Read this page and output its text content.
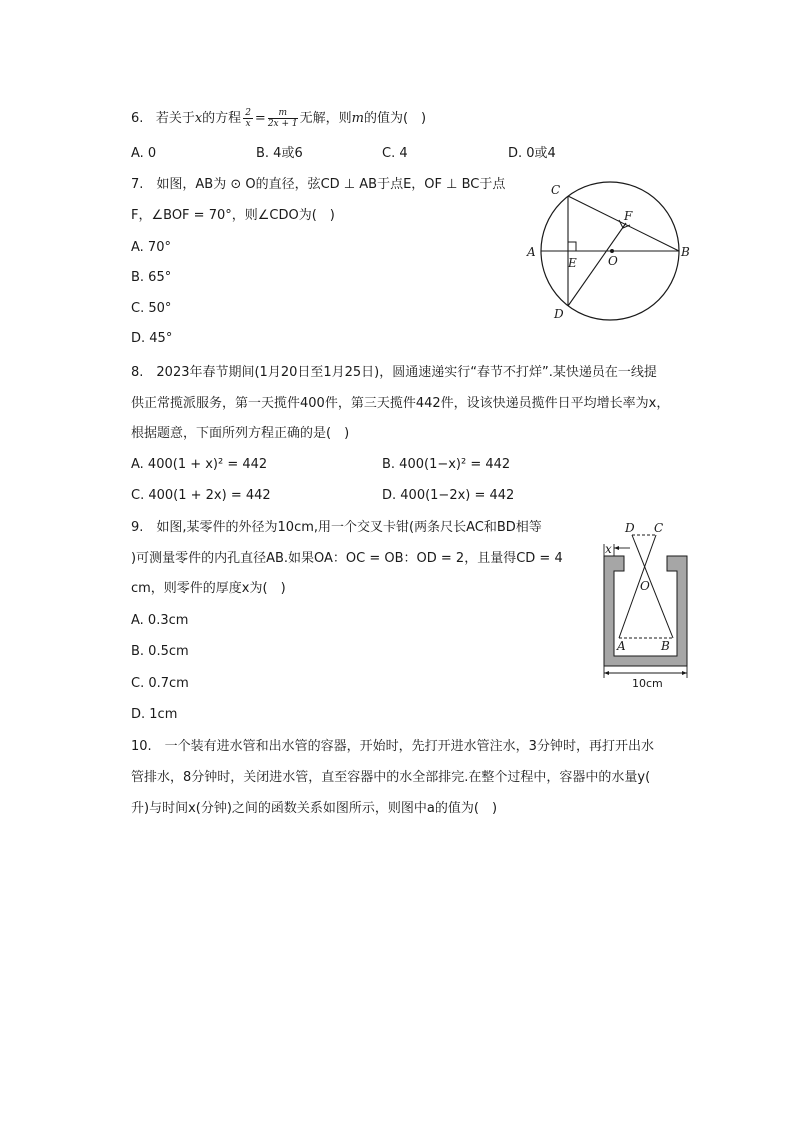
6. 若关于x的方程 $\frac{2}{x} = \frac{m}{2x + 1}$ 无解，则m的值为(　)
A. 0	B. 4或6	C. 4	D. 0或4
7.　如图，AB为 ⊙ O的直径，弦CD ⊥ AB于点E，OF ⊥ BC于点
F，∠BOF = 70°，则∠CDO为(　)
A. 70°
B. 65°
C. 50°
D. 45°
C
F
A
E	O
B
D
8.　2023年春节期间(1月20日至1月25日)，圆通速递实行“春节不打烊”.某快递员在一线提
供正常揽派服务，第一天揽件400件，第三天揽件442件，设该快递员揽件日平均增长率为x，
根据题意，下面所列方程正确的是(　)
A. 400(1 + x)² = 442	B. 400(1−x)² = 442
C. 400(1 + 2x) = 442	D. 400(1−2x) = 442
9.　如图,某零件的外径为10cm,用一个交叉卡钳(两条尺长AC和BD相等
)可测量零件的内孔直径AB.如果OA：OC = OB：OD = 2，且量得CD = 4
cm，则零件的厚度x为(　)
A. 0.3cm
B. 0.5cm
C. 0.7cm
D. 1cm
D C
x
O
A	B
10cm
10.　一个装有进水管和出水管的容器，开始时，先打开进水管注水，3分钟时，再打开出水
管排水，8分钟时，关闭进水管，直至容器中的水全部排完.在整个过程中，容器中的水量y(
升)与时间x(分钟)之间的函数关系如图所示，则图中a的值为(　)
